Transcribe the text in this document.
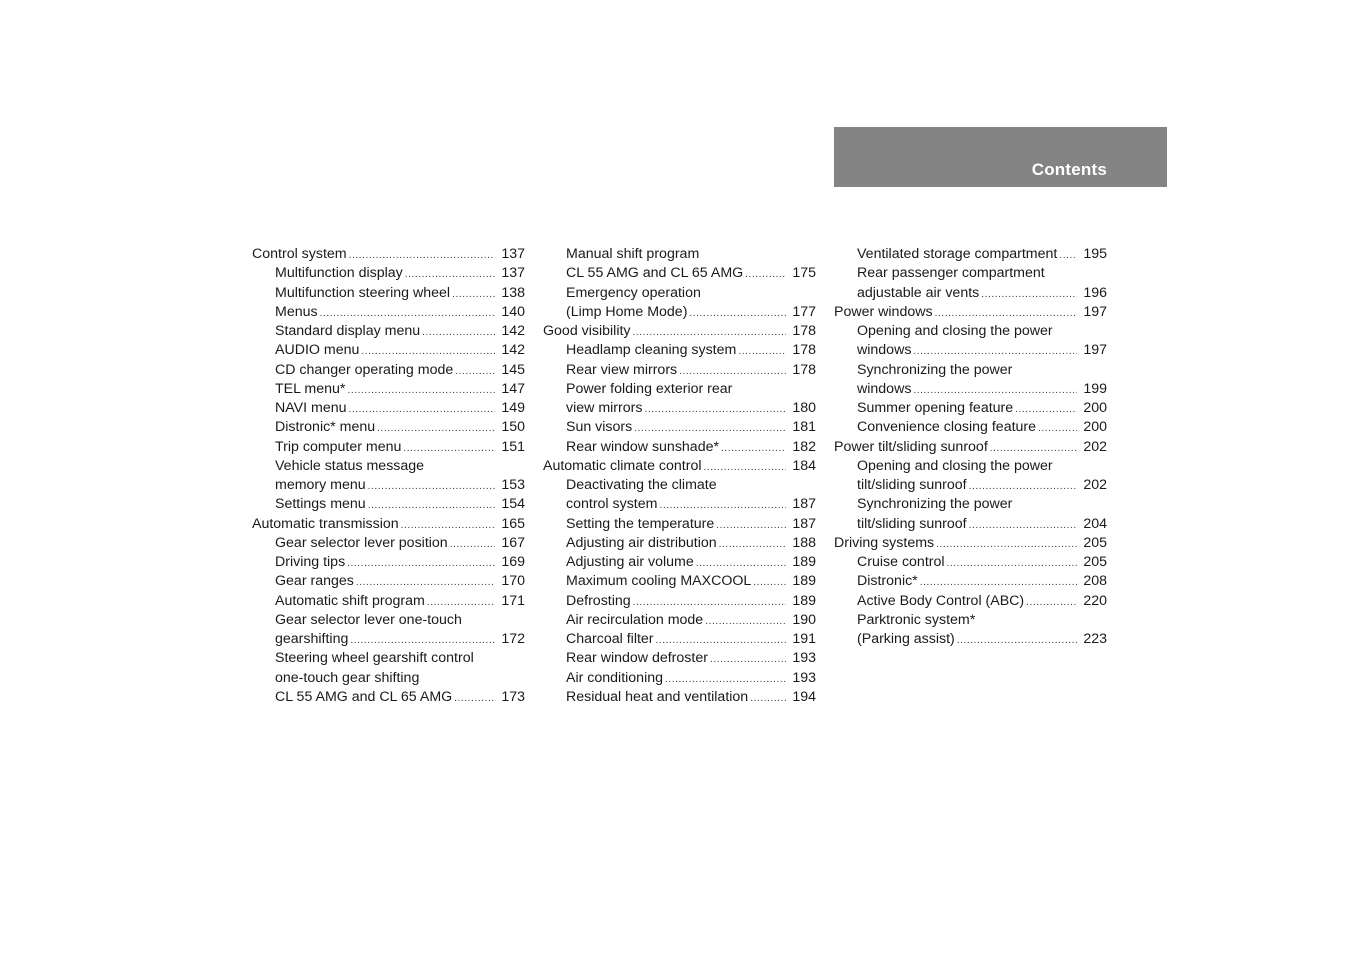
Contents
Control system .....	137
Multifunction display .....	137
Multifunction steering wheel .....	138
Menus .....	140
Standard display menu .....	142
AUDIO menu .....	142
CD changer operating mode .....	145
TEL menu* .....	147
NAVI menu .....	149
Distronic* menu .....	150
Trip computer menu .....	151
Vehicle status message
memory menu .....	153
Settings menu .....	154
Automatic transmission .....	165
Gear selector lever position .....	167
Driving tips .....	169
Gear ranges .....	170
Automatic shift program .....	171
Gear selector lever one-touch
gearshifting .....	172
Steering wheel gearshift control
one-touch gear shifting
CL 55 AMG and CL 65 AMG .....	173
Manual shift program
CL 55 AMG and CL 65 AMG .....	175
Emergency operation
(Limp Home Mode) .....	177
Good visibility .....	178
Headlamp cleaning system .....	178
Rear view mirrors .....	178
Power folding exterior rear
view mirrors .....	180
Sun visors .....	181
Rear window sunshade* .....	182
Automatic climate control .....	184
Deactivating the climate
control system .....	187
Setting the temperature .....	187
Adjusting air distribution .....	188
Adjusting air volume .....	189
Maximum cooling MAXCOOL .....	189
Defrosting .....	189
Air recirculation mode .....	190
Charcoal filter .....	191
Rear window defroster .....	193
Air conditioning .....	193
Residual heat and ventilation .....	194
Ventilated storage compartment ..... 195
Rear passenger compartment
adjustable air vents .....	196
Power windows .....	197
Opening and closing the power
windows .....	197
Synchronizing the power
windows .....	199
Summer opening feature .....	200
Convenience closing feature .....	200
Power tilt/sliding sunroof .....	202
Opening and closing the power
tilt/sliding sunroof .....	202
Synchronizing the power
tilt/sliding sunroof .....	204
Driving systems .....	205
Cruise control .....	205
Distronic* .....	208
Active Body Control (ABC) .....	220
Parktronic system*
(Parking assist) .....	223
